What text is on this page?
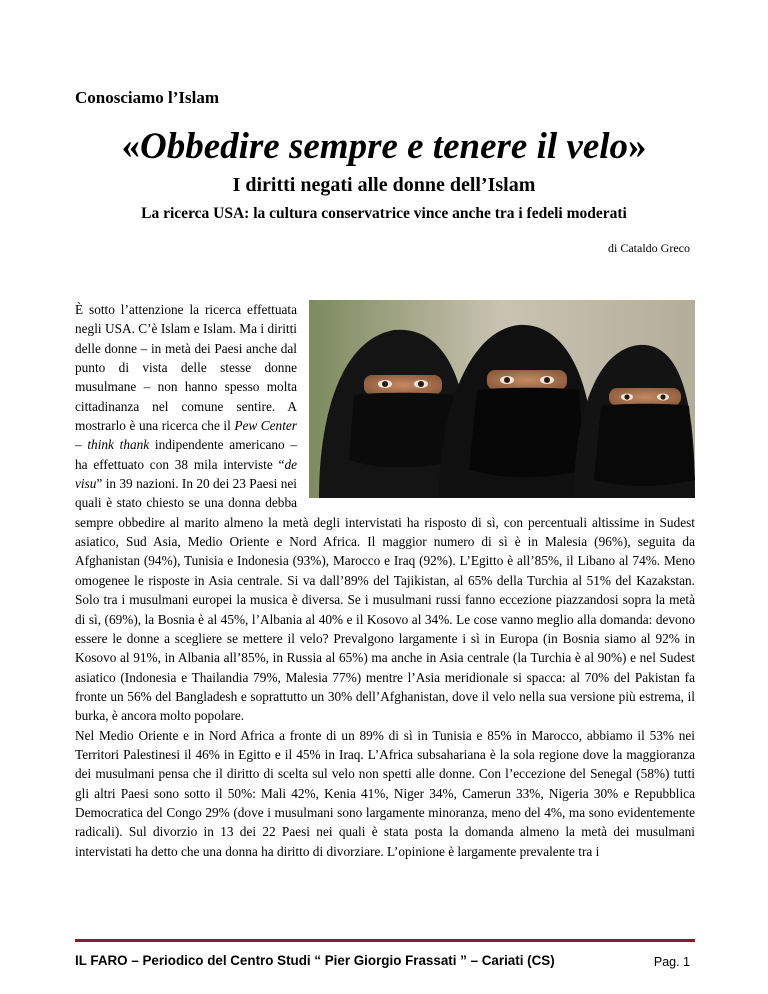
Conosciamo l’Islam
«Obbedire sempre e tenere il velo»
I diritti negati alle donne dell’Islam
La ricerca USA: la cultura conservatrice vince anche tra i fedeli moderati
di Cataldo Greco

È sotto l’attenzione la ricerca effettuata negli USA. C’è Islam e Islam. Ma i diritti delle donne – in metà dei Paesi anche dal punto di vista delle stesse donne musulmane – non hanno spesso molta cittadinanza nel comune sentire. A mostrarlo è una ricerca che il Pew Center – think thank indipendente americano – ha effettuato con 38 mila interviste “de visu” in 39 nazioni. In 20 dei 23 Paesi nei quali è stato chiesto se una donna debba sempre obbedire al marito almeno la metà degli intervistati ha risposto di sì, con percentuali altissime in Sudest asiatico, Sud Asia, Medio Oriente e Nord Africa. Il maggior numero di sì è in Malesia (96%), seguita da Afghanistan (94%), Tunisia e Indonesia (93%), Marocco e Iraq (92%). L’Egitto è all’85%, il Libano al 74%. Meno omogenee le risposte in Asia centrale. Si va dall’89% del Tajikistan, al 65% della Turchia al 51% del Kazakstan. Solo tra i musulmani europei la musica è diversa. Se i musulmani russi fanno eccezione piazzandosi sopra la metà di sì, (69%), la Bosnia è al 45%, l’Albania al 40% e il Kosovo al 34%. Le cose vanno meglio alla domanda: devono essere le donne a scegliere se mettere il velo? Prevalgono largamente i sì in Europa (in Bosnia siamo al 92% in Kosovo al 91%, in Albania all’85%, in Russia al 65%) ma anche in Asia centrale (la Turchia è al 90%) e nel Sudest asiatico (Indonesia e Thailandia 79%, Malesia 77%) mentre l’Asia meridionale si spacca: al 70% del Pakistan fa fronte un 56% del Bangladesh e soprattutto un 30% dell’Afghanistan, dove il velo nella sua versione più estrema, il burka, è ancora molto popolare.

Nel Medio Oriente e in Nord Africa a fronte di un 89% di sì in Tunisia e 85% in Marocco, abbiamo il 53% nei Territori Palestinesi il 46% in Egitto e il 45% in Iraq. L’Africa subsahariana è la sola regione dove la maggioranza dei musulmani pensa che il diritto di scelta sul velo non spetti alle donne. Con l’eccezione del Senegal (58%) tutti gli altri Paesi sono sotto il 50%: Mali 42%, Kenia 41%, Niger 34%, Camerun 33%, Nigeria 30% e Repubblica Democratica del Congo 29% (dove i musulmani sono largamente minoranza, meno del 4%, ma sono evidentemente radicali). Sul divorzio in 13 dei 22 Paesi nei quali è stata posta la domanda almeno la metà dei musulmani intervistati ha detto che una donna ha diritto di divorziare. L’opinione è largamente prevalente tra i

IL FARO – Periodico del Centro Studi “ Pier Giorgio Frassati ” – Cariati (CS)	Pag. 1
